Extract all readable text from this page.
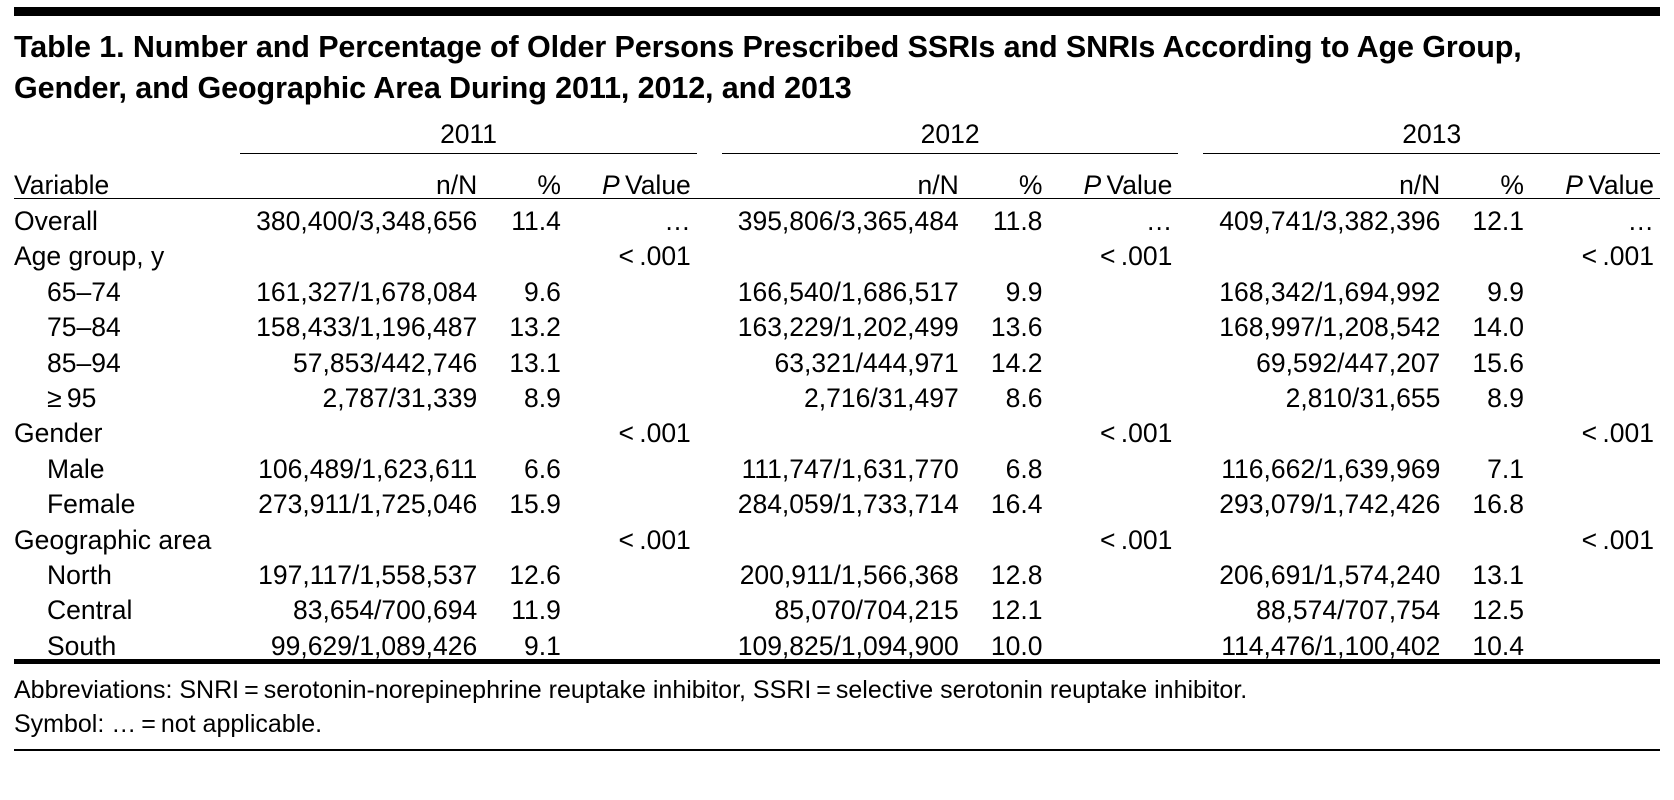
Table 1. Number and Percentage of Older Persons Prescribed SSRIs and SNRIs According to Age Group, Gender, and Geographic Area During 2011, 2012, and 2013

	2011				2012				2013		

Variable	n/N	%	P  Value		n/N	%	P  Value		n/N	%	P  Value

Overall	380,400/3,348,656	11.4	…		395,806/3,365,484	11.8	…		409,741/3,382,396	12.1	…
Age group, y			< .001				< .001				< .001
65–74	161,327/1,678,084	9.6			166,540/1,686,517	9.9			168,342/1,694,992	9.9	
75–84	158,433/1,196,487	13.2			163,229/1,202,499	13.6			168,997/1,208,542	14.0	
85–94	57,853/442,746	13.1			63,321/444,971	14.2			69,592/447,207	15.6	
≥ 95	2,787/31,339	8.9			2,716/31,497	8.6			2,810/31,655	8.9	
Gender			< .001				< .001				< .001
Male	106,489/1,623,611	6.6			111,747/1,631,770	6.8			116,662/1,639,969	7.1	
Female	273,911/1,725,046	15.9			284,059/1,733,714	16.4			293,079/1,742,426	16.8	
Geographic area			< .001				< .001				< .001
North	197,117/1,558,537	12.6			200,911/1,566,368	12.8			206,691/1,574,240	13.1	
Central	83,654/700,694	11.9			85,070/704,215	12.1			88,574/707,754	12.5	
South	99,629/1,089,426	9.1			109,825/1,094,900	10.0			114,476/1,100,402	10.4	

Abbreviations: SNRI = serotonin-norepinephrine reuptake inhibitor, SSRI = selective serotonin reuptake inhibitor.
Symbol: … = not applicable.
